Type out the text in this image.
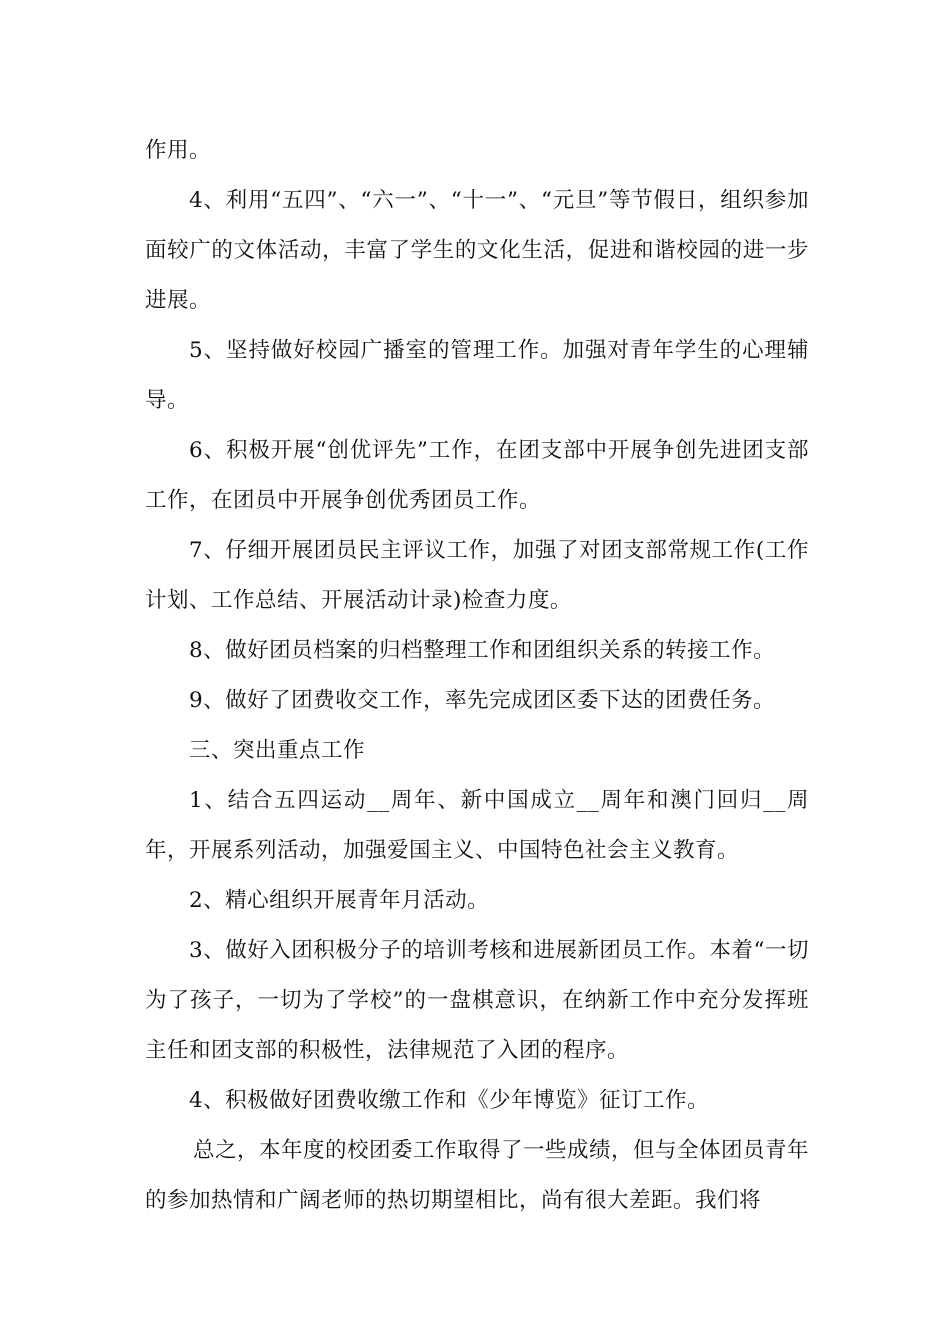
作用。

4、利用“五四”、“六一”、“十一”、“元旦”等节假日，组织参加面较广的文体活动，丰富了学生的文化生活，促进和谐校园的进一步进展。

5、坚持做好校园广播室的管理工作。加强对青年学生的心理辅导。

6、积极开展“创优评先”工作，在团支部中开展争创先进团支部工作，在团员中开展争创优秀团员工作。

7、仔细开展团员民主评议工作，加强了对团支部常规工作(工作计划、工作总结、开展活动计录)检查力度。

8、做好团员档案的归档整理工作和团组织关系的转接工作。

9、做好了团费收交工作，率先完成团区委下达的团费任务。

三、突出重点工作

1、结合五四运动__周年、新中国成立__周年和澳门回归__周年，开展系列活动，加强爱国主义、中国特色社会主义教育。

2、精心组织开展青年月活动。

3、做好入团积极分子的培训考核和进展新团员工作。本着“一切为了孩子，一切为了学校”的一盘棋意识，在纳新工作中充分发挥班主任和团支部的积极性，法律规范了入团的程序。

4、积极做好团费收缴工作和《少年博览》征订工作。

总之，本年度的校团委工作取得了一些成绩，但与全体团员青年的参加热情和广阔老师的热切期望相比，尚有很大差距。我们将
